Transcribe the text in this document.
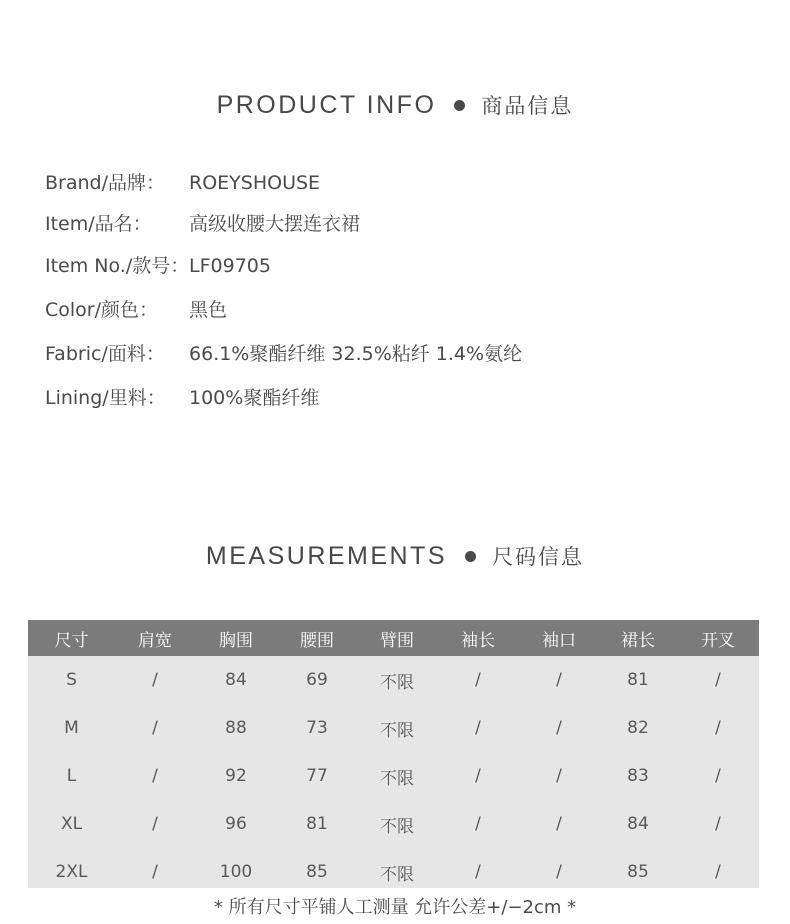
PRODUCT INFO 商品信息
Brand/品牌：	ROEYSHOUSE
Item/品名：	高级收腰大摆连衣裙
Item No./款号： LF09705
Color/颜色：	黑色
Fabric/面料：	66.1%聚酯纤维 32.5%粘纤 1.4%氨纶
Lining/里料：	100%聚酯纤维
MEASUREMENTS 尺码信息
尺寸	肩宽	胸围	腰围	臂围	袖长	袖口	裙长	开叉
S	/	84	69	不限	/	/	81	/
M	/	88	73	不限	/	/	82	/
L	/	92	77	不限	/	/	83	/
XL	/	96	81	不限	/	/	84	/
2XL	/	100	85	不限	/	/	85	/
* 所有尺寸平铺人工测量 允许公差+/−2cm *
